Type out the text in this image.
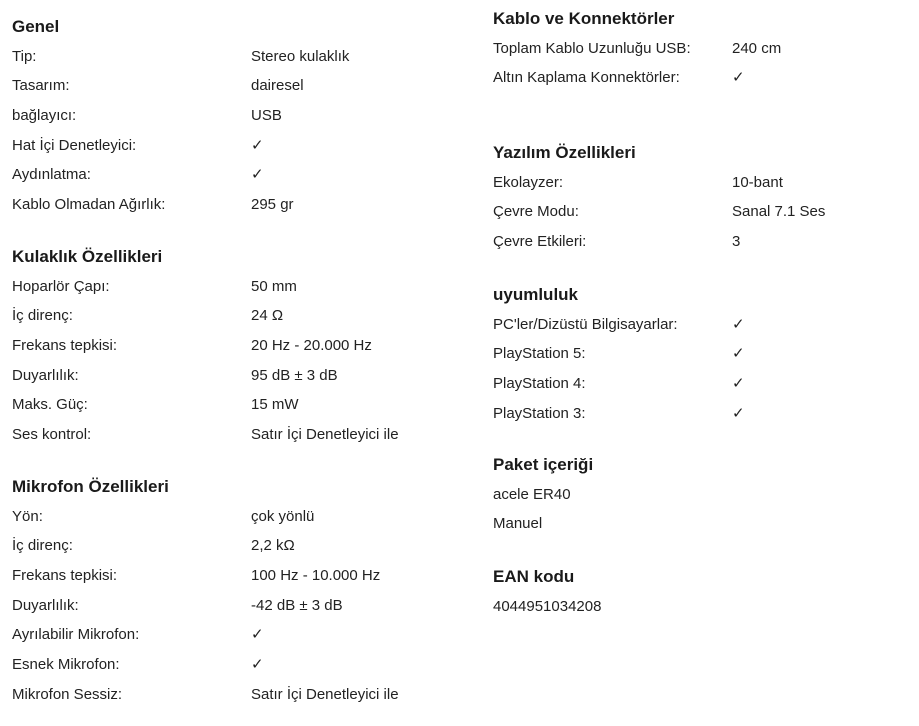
Genel
Tip:	Stereo kulaklık
Tasarım:	dairesel
bağlayıcı:	USB
Hat İçi Denetleyici:	✓
Aydınlatma:	✓
Kablo Olmadan Ağırlık:	295 gr
Kulaklık Özellikleri
Hoparlör Çapı:	50 mm
İç direnç:	24 Ω
Frekans tepkisi:	20 Hz - 20.000 Hz
Duyarlılık:	95 dB ± 3 dB
Maks. Güç:	15 mW
Ses kontrol:	Satır İçi Denetleyici ile
Mikrofon Özellikleri
Yön:	çok yönlü
İç direnç:	2,2 kΩ
Frekans tepkisi:	100 Hz - 10.000 Hz
Duyarlılık:	-42 dB ± 3 dB
Ayrılabilir Mikrofon:	✓
Esnek Mikrofon:	✓
Mikrofon Sessiz:	Satır İçi Denetleyici ile
Kablo ve Konnektörler
Toplam Kablo Uzunluğu USB:	240 cm
Altın Kaplama Konnektörler:	✓
Yazılım Özellikleri
Ekolayzer:	10-bant
Çevre Modu:	Sanal 7.1 Ses
Çevre Etkileri:	3
uyumluluk
PC'ler/Dizüstü Bilgisayarlar:	✓
PlayStation 5:	✓
PlayStation 4:	✓
PlayStation 3:	✓
Paket içeriği
acele ER40
Manuel
EAN kodu
4044951034208
